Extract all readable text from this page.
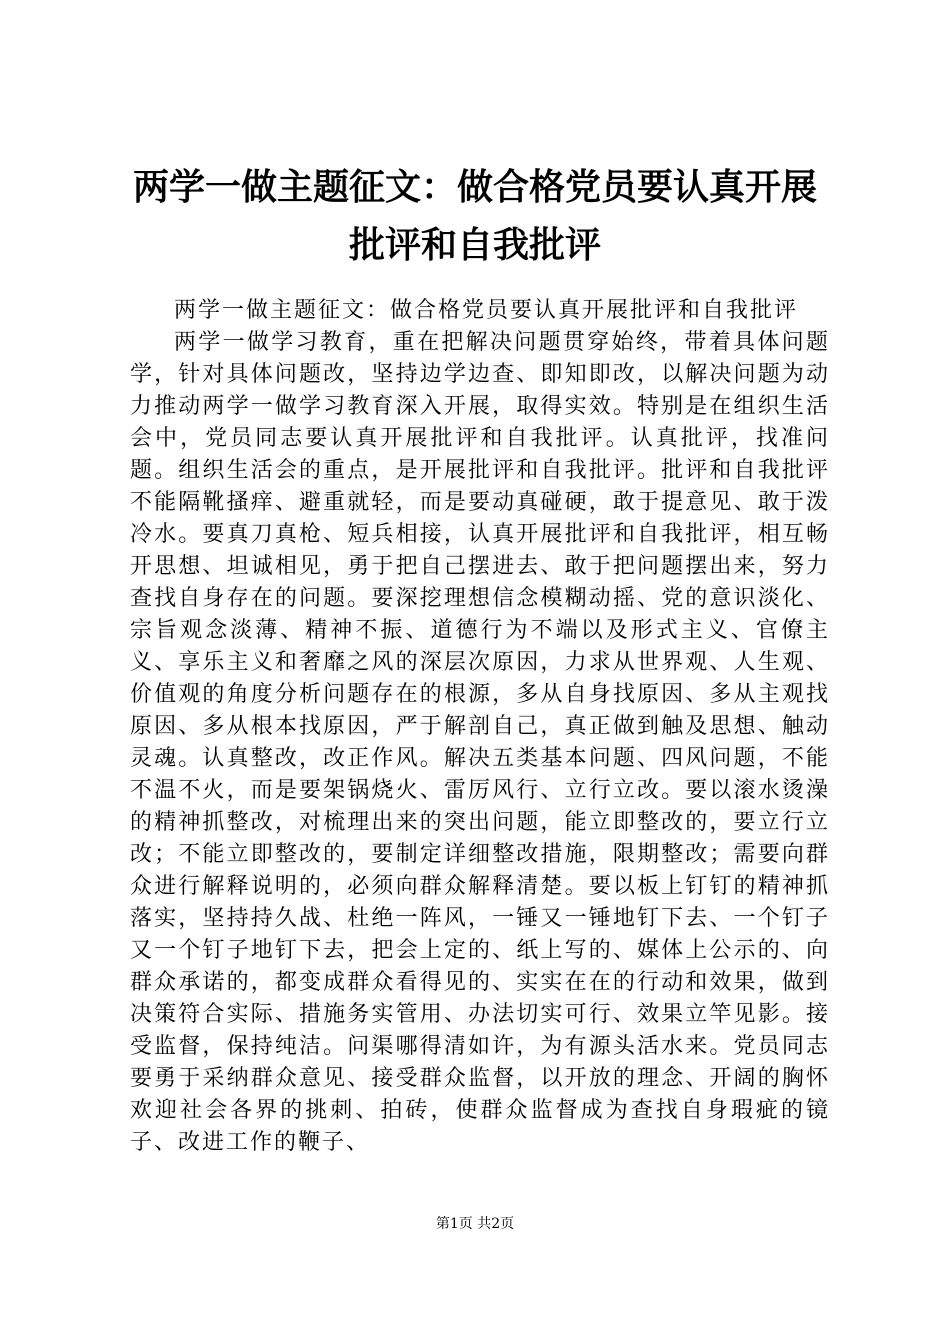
两学一做主题征文：做合格党员要认真开展批评和自我批评

两学一做主题征文：做合格党员要认真开展批评和自我批评

两学一做学习教育，重在把解决问题贯穿始终，带着具体问题学，针对具体问题改，坚持边学边查、即知即改，以解决问题为动力推动两学一做学习教育深入开展，取得实效。特别是在组织生活会中，党员同志要认真开展批评和自我批评。认真批评，找准问题。组织生活会的重点，是开展批评和自我批评。批评和自我批评不能隔靴搔痒、避重就轻，而是要动真碰硬，敢于提意见、敢于泼冷水。要真刀真枪、短兵相接，认真开展批评和自我批评，相互畅开思想、坦诚相见，勇于把自己摆进去、敢于把问题摆出来，努力查找自身存在的问题。要深挖理想信念模糊动摇、党的意识淡化、宗旨观念淡薄、精神不振、道德行为不端以及形式主义、官僚主义、享乐主义和奢靡之风的深层次原因，力求从世界观、人生观、价值观的角度分析问题存在的根源，多从自身找原因、多从主观找原因、多从根本找原因，严于解剖自己，真正做到触及思想、触动灵魂。认真整改，改正作风。解决五类基本问题、四风问题，不能不温不火，而是要架锅烧火、雷厉风行、立行立改。要以滚水烫澡的精神抓整改，对梳理出来的突出问题，能立即整改的，要立行立改；不能立即整改的，要制定详细整改措施，限期整改；需要向群众进行解释说明的，必须向群众解释清楚。要以板上钉钉的精神抓落实，坚持持久战、杜绝一阵风，一锤又一锤地钉下去、一个钉子又一个钉子地钉下去，把会上定的、纸上写的、媒体上公示的、向群众承诺的，都变成群众看得见的、实实在在的行动和效果，做到决策符合实际、措施务实管用、办法切实可行、效果立竿见影。接受监督，保持纯洁。问渠哪得清如许，为有源头活水来。党员同志要勇于采纳群众意见、接受群众监督，以开放的理念、开阔的胸怀欢迎社会各界的挑刺、拍砖，使群众监督成为查找自身瑕疵的镜子、改进工作的鞭子、

第1页 共2页
